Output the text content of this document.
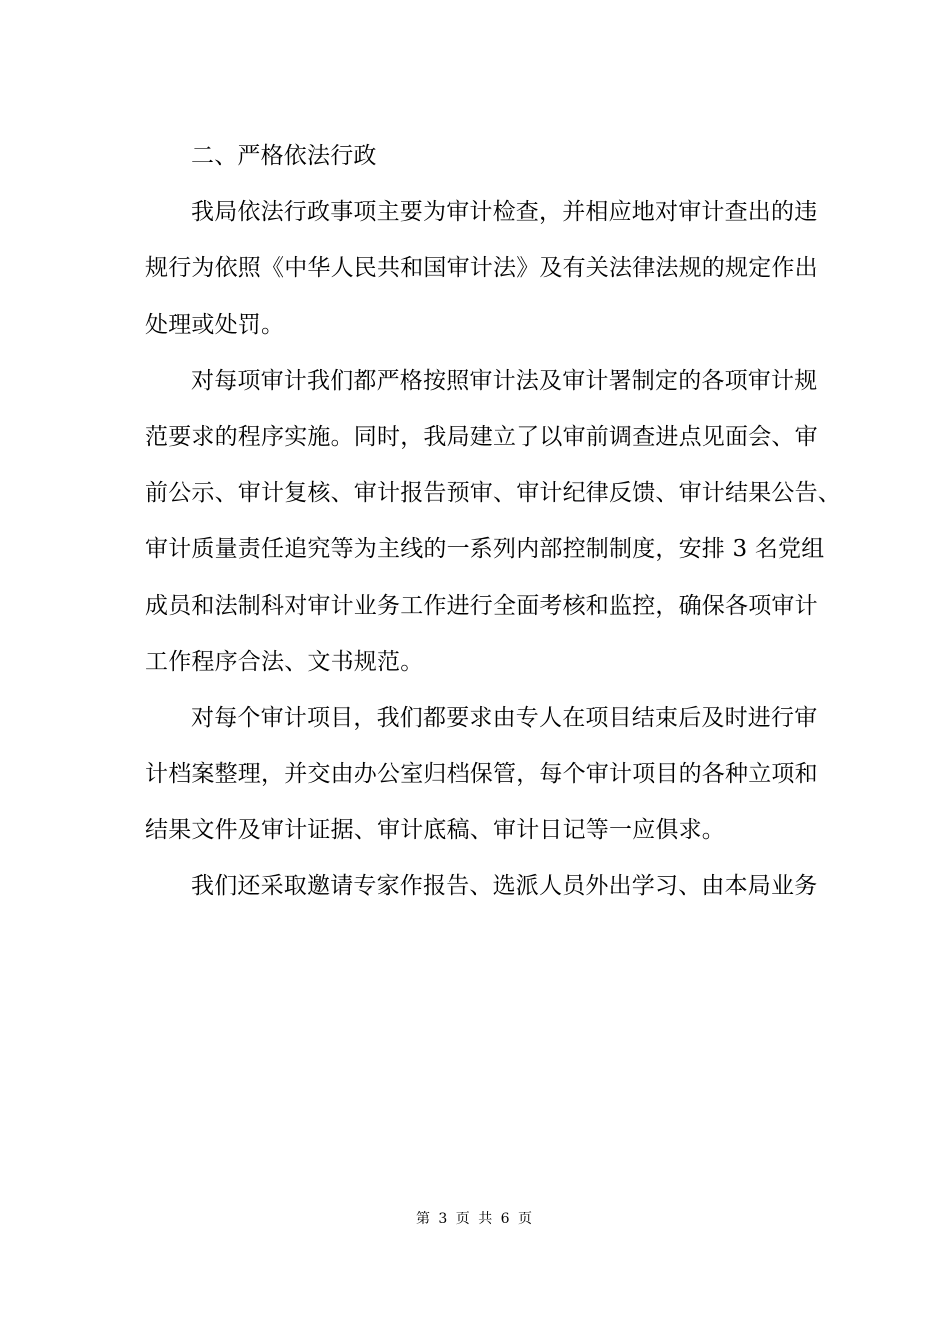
二、严格依法行政

我局依法行政事项主要为审计检查，并相应地对审计查出的违
规行为依照《中华人民共和国审计法》及有关法律法规的规定作出
处理或处罚。

对每项审计我们都严格按照审计法及审计署制定的各项审计规
范要求的程序实施。同时，我局建立了以审前调查进点见面会、审
前公示、审计复核、审计报告预审、审计纪律反馈、审计结果公告、
审计质量责任追究等为主线的一系列内部控制制度，安排 3 名党组
成员和法制科对审计业务工作进行全面考核和监控，确保各项审计
工作程序合法、文书规范。

对每个审计项目，我们都要求由专人在项目结束后及时进行审
计档案整理，并交由办公室归档保管，每个审计项目的各种立项和
结果文件及审计证据、审计底稿、审计日记等一应俱求。

我们还采取邀请专家作报告、选派人员外出学习、由本局业务

第 3 页 共 6 页
